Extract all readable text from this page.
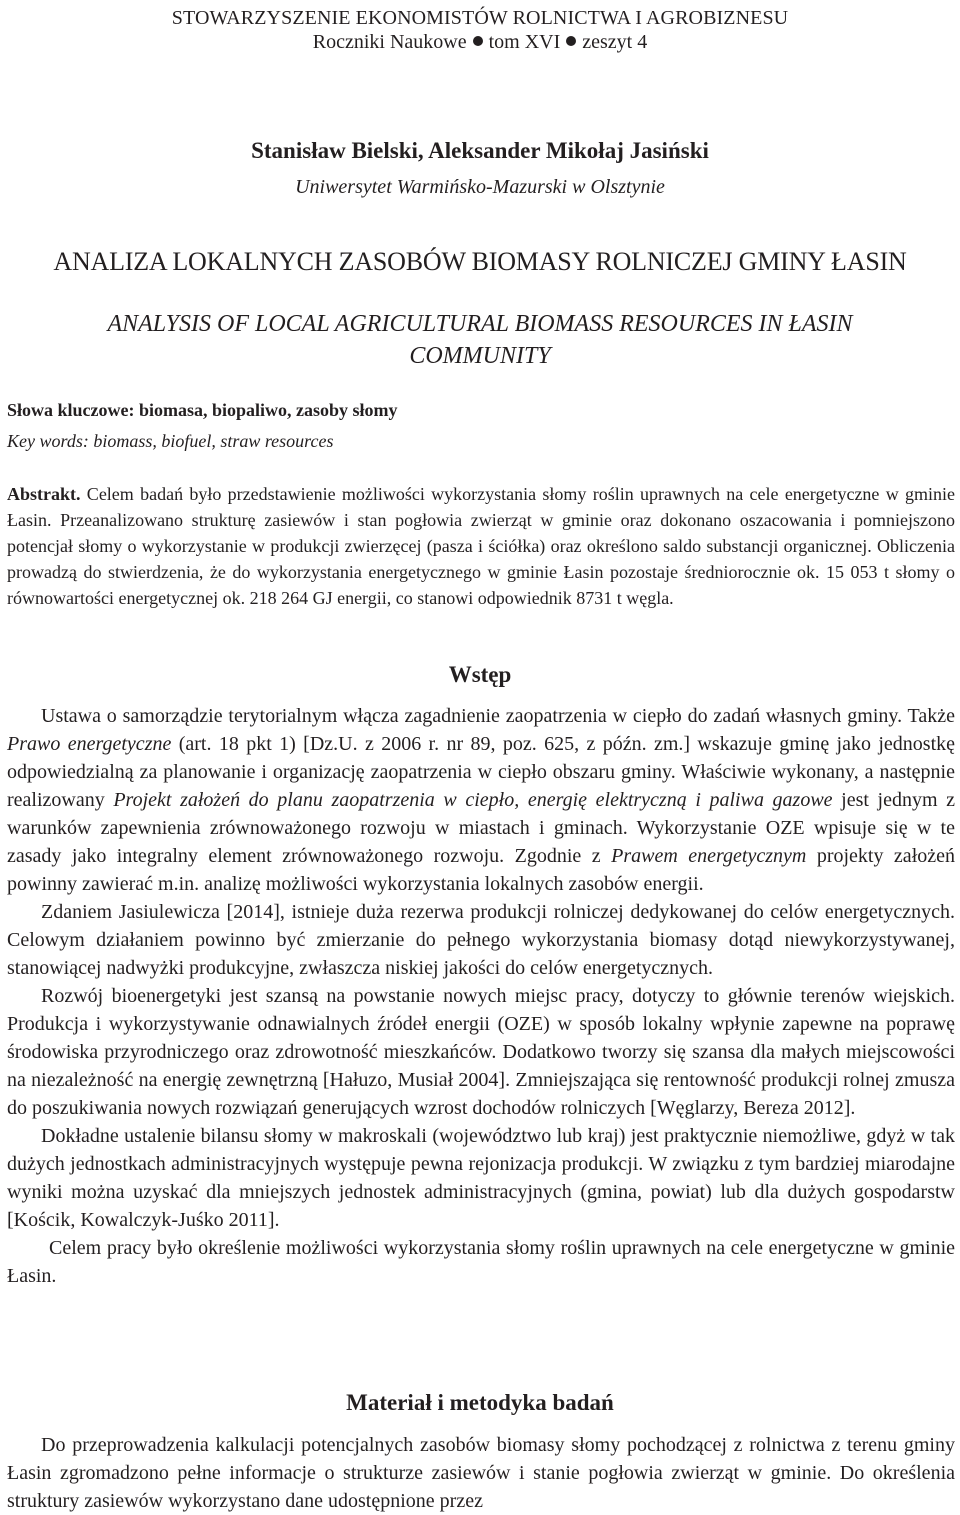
STOWARZYSZENIE EKONOMISTÓW ROLNICTWA I AGROBIZNESU
Roczniki Naukowe tom XVI zeszyt 4
Stanisław Bielski, Aleksander Mikołaj Jasiński
Uniwersytet Warmińsko-Mazurski w Olsztynie
ANALIZA LOKALNYCH ZASOBÓW BIOMASY ROLNICZEJ GMINY ŁASIN
ANALYSIS OF LOCAL AGRICULTURAL BIOMASS RESOURCES IN ŁASIN
COMMUNITY
Słowa kluczowe: biomasa, biopaliwo, zasoby słomy
Key words: biomass, biofuel, straw resources

Abstrakt. Celem badań było przedstawienie możliwości wykorzystania słomy roślin uprawnych na cele energetyczne w gminie Łasin. Przeanalizowano strukturę zasiewów i stan pogłowia zwierząt w gminie oraz dokonano oszacowania i pomniejszono potencjał słomy o wykorzystanie w produkcji zwierzęcej (pasza i ściółka) oraz określono saldo substancji organicznej. Obliczenia prowadzą do stwierdzenia, że do wykorzystania energetycznego w gminie Łasin pozostaje średniorocznie ok. 15 053 t słomy o równowartości energetycznej ok. 218 264 GJ energii, co stanowi odpowiednik 8731 t węgla.

Wstęp

Ustawa o samorządzie terytorialnym włącza zagadnienie zaopatrzenia w ciepło do zadań własnych gminy. Także Prawo energetyczne (art. 18 pkt 1) [Dz.U. z 2006 r. nr 89, poz. 625, z późn. zm.] wskazuje gminę jako jednostkę odpowiedzialną za planowanie i organizację zaopatrzenia w ciepło obszaru gminy. Właściwie wykonany, a następnie realizowany Projekt założeń do planu zaopatrzenia w ciepło, energię elektryczną i paliwa gazowe jest jednym z warunków zapewnienia zrównoważonego rozwoju w miastach i gminach. Wykorzystanie OZE wpisuje się w te zasady jako integralny element zrównoważonego rozwoju. Zgodnie z Prawem energetycznym projekty założeń powinny zawierać m.in. analizę możliwości wykorzystania lokalnych zasobów energii.

Zdaniem Jasiulewicza [2014], istnieje duża rezerwa produkcji rolniczej dedykowanej do celów energetycznych. Celowym działaniem powinno być zmierzanie do pełnego wykorzystania biomasy dotąd niewykorzystywanej, stanowiącej nadwyżki produkcyjne, zwłaszcza niskiej jakości do celów energetycznych.

Rozwój bioenergetyki jest szansą na powstanie nowych miejsc pracy, dotyczy to głównie terenów wiejskich. Produkcja i wykorzystywanie odnawialnych źródeł energii (OZE) w sposób lokalny wpłynie zapewne na poprawę środowiska przyrodniczego oraz zdrowotność mieszkańców. Dodatkowo tworzy się szansa dla małych miejscowości na niezależność na energię zewnętrzną [Hałuzo, Musiał 2004]. Zmniejszająca się rentowność produkcji rolnej zmusza do poszukiwania nowych rozwiązań generujących wzrost dochodów rolniczych [Węglarzy, Bereza 2012].

Dokładne ustalenie bilansu słomy w makroskali (województwo lub kraj) jest praktycznie niemożliwe, gdyż w tak dużych jednostkach administracyjnych występuje pewna rejonizacja produkcji. W związku z tym bardziej miarodajne wyniki można uzyskać dla mniejszych jednostek administracyjnych (gmina, powiat) lub dla dużych gospodarstw [Kościk, Kowalczyk-Juśko 2011].

Celem pracy było określenie możliwości wykorzystania słomy roślin uprawnych na cele energetyczne w gminie Łasin.

Materiał i metodyka badań

Do przeprowadzenia kalkulacji potencjalnych zasobów biomasy słomy pochodzącej z rolnictwa z terenu gminy Łasin zgromadzono pełne informacje o strukturze zasiewów i stanie pogłowia zwierząt w gminie. Do określenia struktury zasiewów wykorzystano dane udostępnione przez
